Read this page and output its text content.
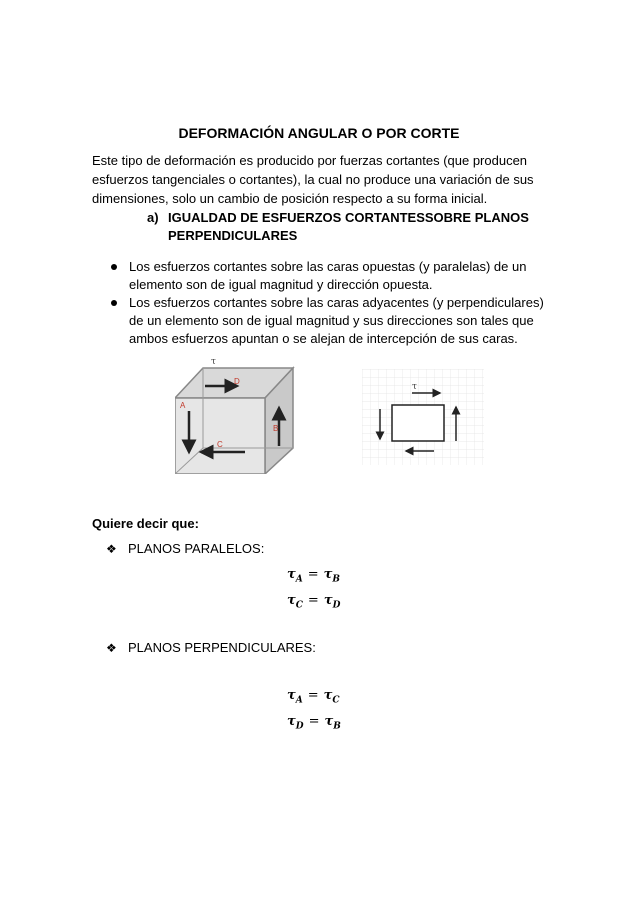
DEFORMACIÓN ANGULAR O POR CORTE
Este tipo de deformación es producido por fuerzas cortantes (que producen esfuerzos tangenciales o cortantes), la cual no produce una variación de sus dimensiones, solo un cambio de posición respecto a su forma inicial.
a) IGUALDAD DE ESFUERZOS CORTANTESSOBRE PLANOS
PERPENDICULARES
Los esfuerzos cortantes sobre las caras opuestas (y paralelas) de un elemento son de igual magnitud y dirección opuesta.
Los esfuerzos cortantes sobre las caras adyacentes (y perpendiculares) de un elemento son de igual magnitud y sus direcciones son tales que ambos esfuerzos apuntan o se alejan de intercepción de sus caras.
τ
D
A
B
C
τ
Quiere decir que:
❖ PLANOS PARALELOS:
$\tau_A = \tau_B$
$\tau_C = \tau_D$
❖ PLANOS PERPENDICULARES:
$\tau_A = \tau_C$
$\tau_D = \tau_B$
